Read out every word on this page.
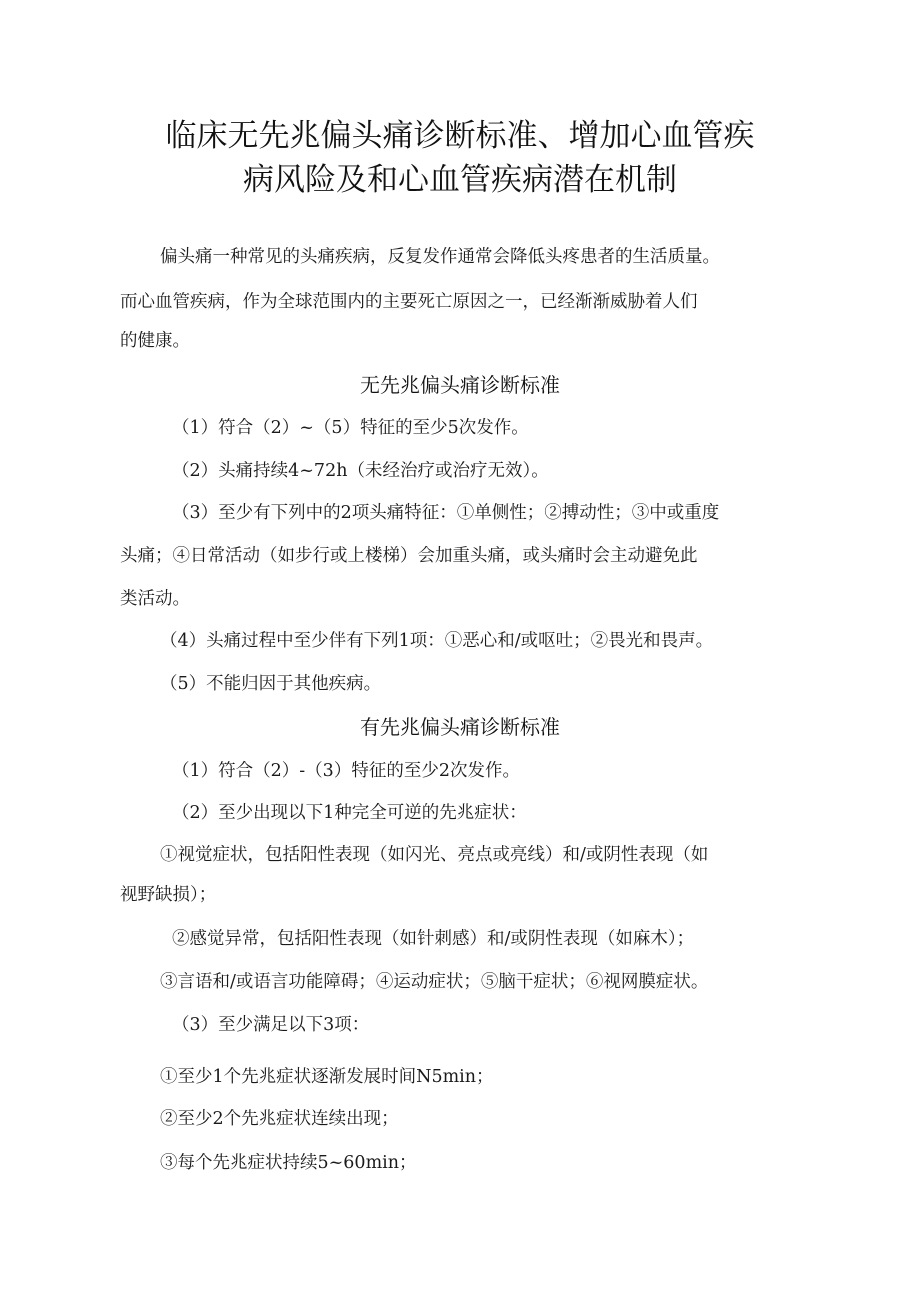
临床无先兆偏头痛诊断标准、增加心血管疾
病风险及和心血管疾病潜在机制
偏头痛一种常见的头痛疾病，反复发作通常会降低头疼患者的生活质量。
而心血管疾病，作为全球范围内的主要死亡原因之一，已经渐渐威胁着人们
的健康。
无先兆偏头痛诊断标准
（1）符合（2）~（5）特征的至少5次发作。
（2）头痛持续4~72h（未经治疗或治疗无效）。
（3）至少有下列中的2项头痛特征：①单侧性；②搏动性；③中或重度
头痛；④日常活动（如步行或上楼梯）会加重头痛，或头痛时会主动避免此
类活动。
（4）头痛过程中至少伴有下列1项：①恶心和/或呕吐；②畏光和畏声。
（5）不能归因于其他疾病。
有先兆偏头痛诊断标准
（1）符合（2）-（3）特征的至少2次发作。
（2）至少出现以下1种完全可逆的先兆症状：
①视觉症状，包括阳性表现（如闪光、亮点或亮线）和/或阴性表现（如
视野缺损）；
②感觉异常，包括阳性表现（如针刺感）和/或阴性表现（如麻木）；
③言语和/或语言功能障碍；④运动症状；⑤脑干症状；⑥视网膜症状。
（3）至少满足以下3项：
①至少1个先兆症状逐渐发展时间N5min；
②至少2个先兆症状连续出现；
③每个先兆症状持续5~60min；
